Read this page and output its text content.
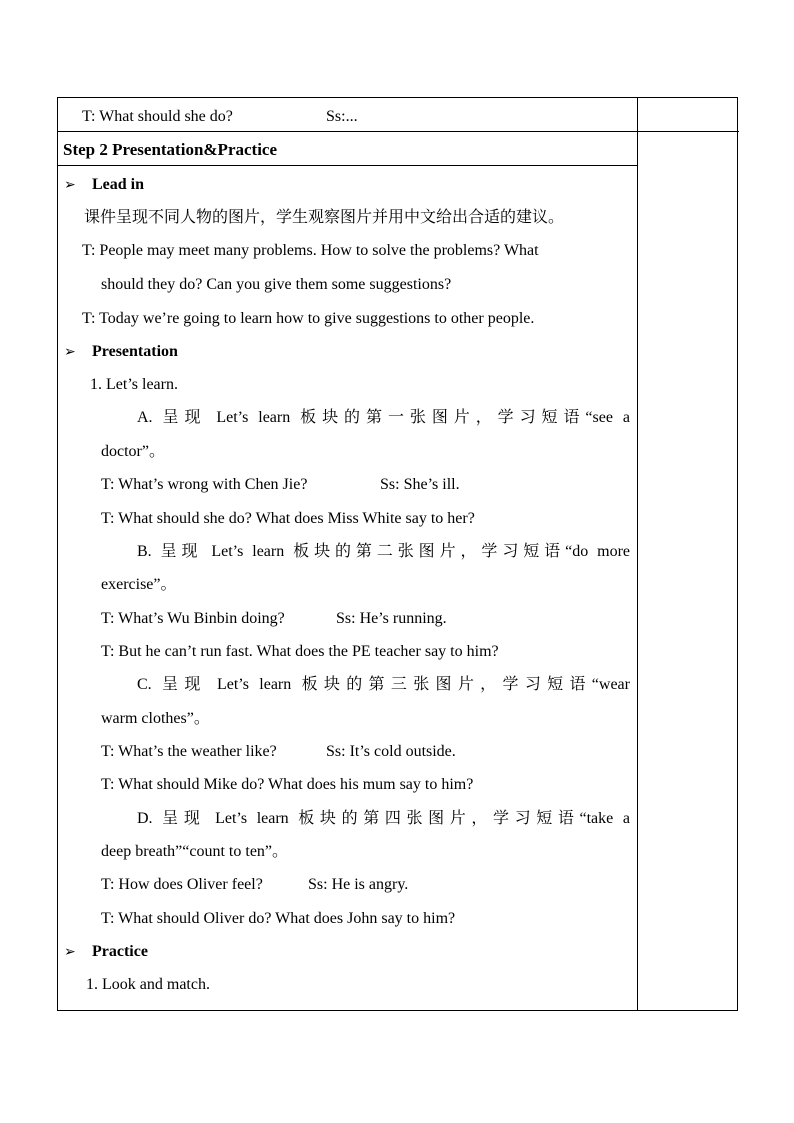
T: What should she do?	Ss:...
Step 2 Presentation&Practice
➢ Lead in
课件呈现不同人物的图片，学生观察图片并用中文给出合适的建议。
T: People may meet many problems. How to solve the problems? What
should they do? Can you give them some suggestions?
T: Today we’re going to learn how to give suggestions to other people.
➢ Presentation
1. Let’s learn.
A. 呈现 Let’s learn 板块的第一张图片，学习短语“see a
doctor”。
T: What’s wrong with Chen Jie?	Ss: She’s ill.
T: What should she do? What does Miss White say to her?
B. 呈现 Let’s learn 板块的第二张图片，学习短语“do more
exercise”。
T: What’s Wu Binbin doing?	Ss: He’s running.
T: But he can’t run fast. What does the PE teacher say to him?
C. 呈现 Let’s learn 板块的第三张图片，学习短语“wear
warm clothes”。
T: What’s the weather like?	Ss: It’s cold outside.
T: What should Mike do? What does his mum say to him?
D. 呈现 Let’s learn 板块的第四张图片，学习短语“take a
deep breath”“count to ten”。
T: How does Oliver feel?	Ss: He is angry.
T: What should Oliver do? What does John say to him?
➢ Practice
1. Look and match.
